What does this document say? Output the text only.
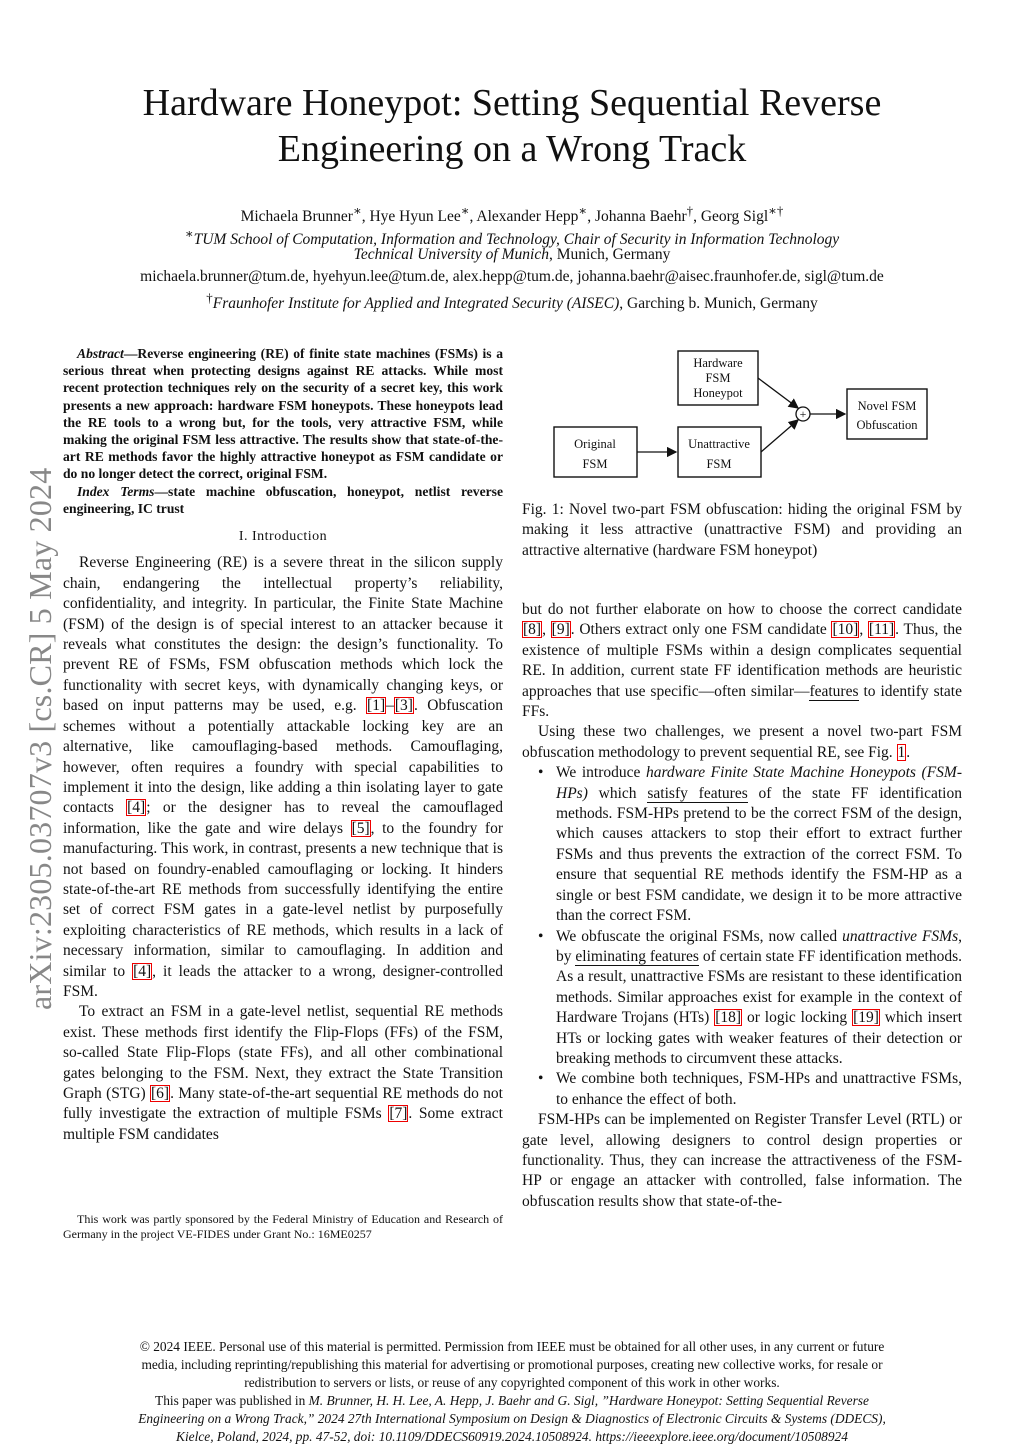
Hardware Honeypot: Setting Sequential Reverse
Engineering on a Wrong Track
Michaela Brunner∗, Hye Hyun Lee∗, Alexander Hepp∗, Johanna Baehr†, Georg Sigl∗†
∗TUM School of Computation, Information and Technology, Chair of Security in Information Technology
Technical University of Munich, Munich, Germany
michaela.brunner@tum.de, hyehyun.lee@tum.de, alex.hepp@tum.de, johanna.baehr@aisec.fraunhofer.de, sigl@tum.de
†Fraunhofer Institute for Applied and Integrated Security (AISEC), Garching b. Munich, Germany
arXiv:2305.03707v3 [cs.CR] 5 May 2024

Abstract—Reverse engineering (RE) of finite state machines (FSMs) is a serious threat when protecting designs against RE attacks. While most recent protection techniques rely on the security of a secret key, this work presents a new approach: hardware FSM honeypots. These honeypots lead the RE tools to a wrong but, for the tools, very attractive FSM, while making the original FSM less attractive. The results show that state-of-the-art RE methods favor the highly attractive honeypot as FSM candidate or do no longer detect the correct, original FSM.

Index Terms—state machine obfuscation, honeypot, netlist reverse engineering, IC trust

I. Introduction

Reverse Engineering (RE) is a severe threat in the silicon supply chain, endangering the intellectual property’s reliability, confidentiality, and integrity. In particular, the Finite State Machine (FSM) of the design is of special interest to an attacker because it reveals what constitutes the design: the design’s functionality. To prevent RE of FSMs, FSM obfuscation methods which lock the functionality with secret keys, with dynamically changing keys, or based on input patterns may be used, e.g. [1]–[3]. Obfuscation schemes without a potentially attackable locking key are an alternative, like camouflaging-based methods. Camouflaging, however, often requires a foundry with special capabilities to implement it into the design, like adding a thin isolating layer to gate contacts [4]; or the designer has to reveal the camouflaged information, like the gate and wire delays [5], to the foundry for manufacturing. This work, in contrast, presents a new technique that is not based on foundry-enabled camouflaging or locking. It hinders state-of-the-art RE methods from successfully identifying the entire set of correct FSM gates in a gate-level netlist by purposefully exploiting characteristics of RE methods, which results in a lack of necessary information, similar to camouflaging. In addition and similar to [4], it leads the attacker to a wrong, designer-controlled FSM.

To extract an FSM in a gate-level netlist, sequential RE methods exist. These methods first identify the Flip-Flops (FFs) of the FSM, so-called State Flip-Flops (state FFs), and all other combinational gates belonging to the FSM. Next, they extract the State Transition Graph (STG) [6]. Many state-of-the-art sequential RE methods do not fully investigate the extraction of multiple FSMs [7]. Some extract multiple FSM candidates

This work was partly sponsored by the Federal Ministry of Education and Research of Germany in the project VE-FIDES under Grant No.: 16ME0257
Hardware
FSM
Honeypot
Original
FSM
Unattractive
FSM
Novel FSM
Obfuscation
+
Fig. 1: Novel two-part FSM obfuscation: hiding the original FSM by making it less attractive (unattractive FSM) and providing an attractive alternative (hardware FSM honeypot)

but do not further elaborate on how to choose the correct candidate [8], [9]. Others extract only one FSM candidate [10], [11]. Thus, the existence of multiple FSMs within a design complicates sequential RE. In addition, current state FF identification methods are heuristic approaches that use specific—often similar—features to identify state FFs.

Using these two challenges, we present a novel two-part FSM obfuscation methodology to prevent sequential RE, see Fig. 1.

• We introduce hardware Finite State Machine Honeypots (FSM-HPs) which satisfy features of the state FF identification methods. FSM-HPs pretend to be the correct FSM of the design, which causes attackers to stop their effort to extract further FSMs and thus prevents the extraction of the correct FSM. To ensure that sequential RE methods identify the FSM-HP as a single or best FSM candidate, we design it to be more attractive than the correct FSM.
• We obfuscate the original FSMs, now called unattractive FSMs, by eliminating features of certain state FF identification methods. As a result, unattractive FSMs are resistant to these identification methods. Similar approaches exist for example in the context of Hardware Trojans (HTs) [18] or logic locking [19] which insert HTs or locking gates with weaker features of their detection or breaking methods to circumvent these attacks.
• We combine both techniques, FSM-HPs and unattractive FSMs, to enhance the effect of both.

FSM-HPs can be implemented on Register Transfer Level (RTL) or gate level, allowing designers to control design properties or functionality. Thus, they can increase the attractiveness of the FSM-HP or engage an attacker with controlled, false information. The obfuscation results show that state-of-the-

© 2024 IEEE. Personal use of this material is permitted. Permission from IEEE must be obtained for all other uses, in any current or future
media, including reprinting/republishing this material for advertising or promotional purposes, creating new collective works, for resale or
redistribution to servers or lists, or reuse of any copyrighted component of this work in other works.
This paper was published in M. Brunner, H. H. Lee, A. Hepp, J. Baehr and G. Sigl, ”Hardware Honeypot: Setting Sequential Reverse
Engineering on a Wrong Track,” 2024 27th International Symposium on Design & Diagnostics of Electronic Circuits & Systems (DDECS),
Kielce, Poland, 2024, pp. 47-52, doi: 10.1109/DDECS60919.2024.10508924. https://ieeexplore.ieee.org/document/10508924
